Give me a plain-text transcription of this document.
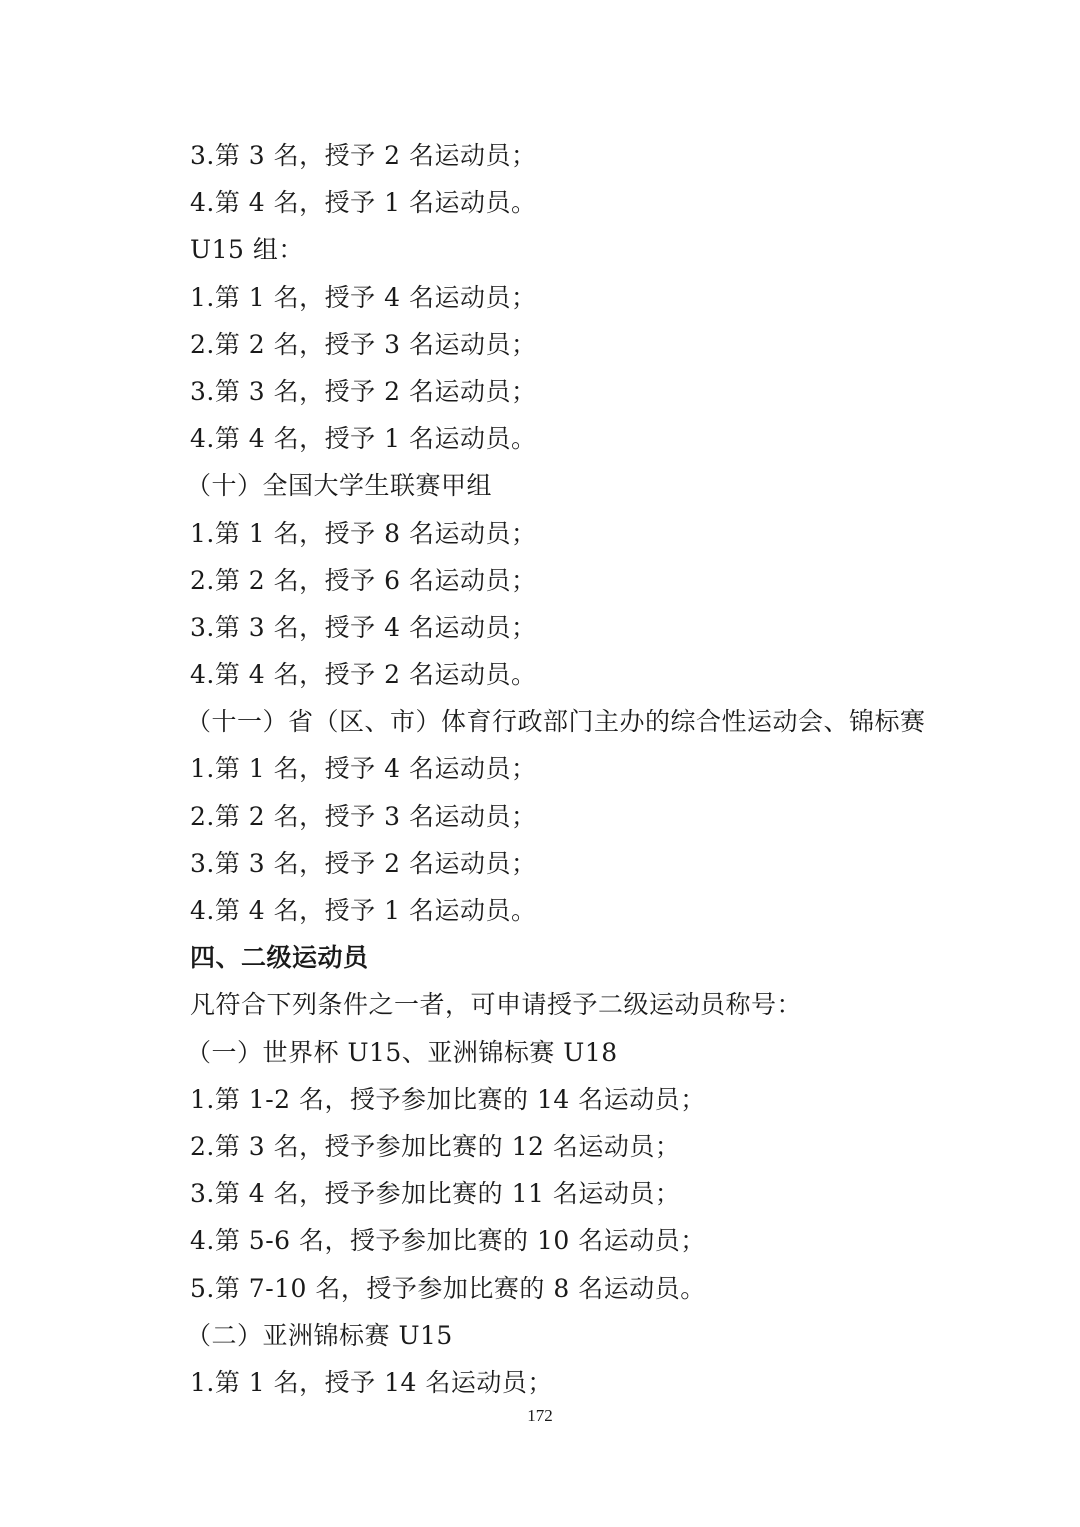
3.第 3 名，授予 2 名运动员；
4.第 4 名，授予 1 名运动员。
U15 组：
1.第 1 名，授予 4 名运动员；
2.第 2 名，授予 3 名运动员；
3.第 3 名，授予 2 名运动员；
4.第 4 名，授予 1 名运动员。
（十）全国大学生联赛甲组
1.第 1 名，授予 8 名运动员；
2.第 2 名，授予 6 名运动员；
3.第 3 名，授予 4 名运动员；
4.第 4 名，授予 2 名运动员。
（十一）省（区、市）体育行政部门主办的综合性运动会、锦标赛
1.第 1 名，授予 4 名运动员；
2.第 2 名，授予 3 名运动员；
3.第 3 名，授予 2 名运动员；
4.第 4 名，授予 1 名运动员。
四、二级运动员
凡符合下列条件之一者，可申请授予二级运动员称号：
（一）世界杯 U15、亚洲锦标赛 U18
1.第 1-2 名，授予参加比赛的 14 名运动员；
2.第 3 名，授予参加比赛的 12 名运动员；
3.第 4 名，授予参加比赛的 11 名运动员；
4.第 5-6 名，授予参加比赛的 10 名运动员；
5.第 7-10 名，授予参加比赛的 8 名运动员。
（二）亚洲锦标赛 U15
1.第 1 名，授予 14 名运动员；
172
